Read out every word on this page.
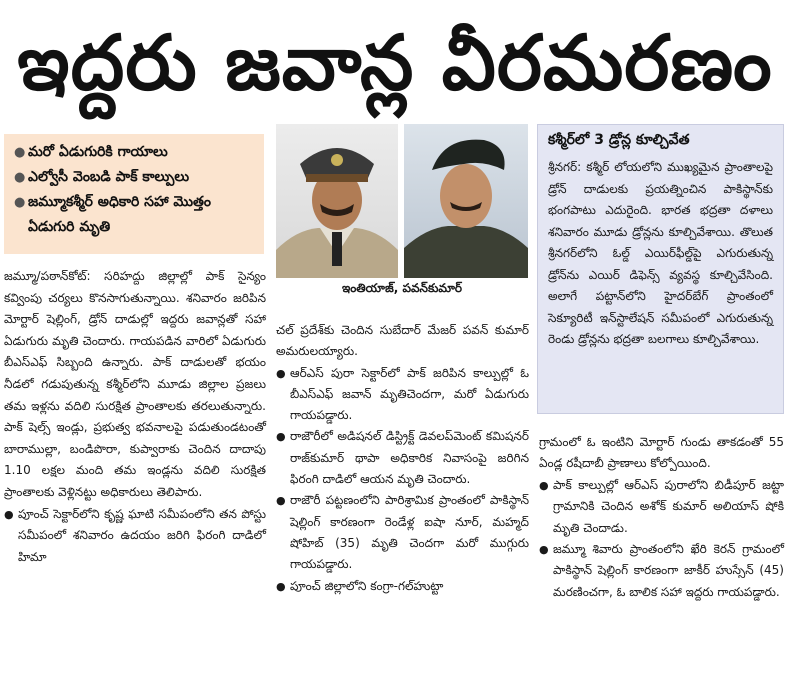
ఇద్దరు జవాన్ల వీరమరణం
● మరో ఏడుగురికి గాయాలు
● ఎల్వోసీ వెంబడి పాక్ కాల్పులు
● జమ్మూకశ్మీర్ అధికారి సహా మొత్తం ఏడుగురి మృతి
ఇంతియాజ్, పవన్‌కుమార్

కశ్మీర్‌లో 3 డ్రోన్ల కూల్చివేత

శ్రీనగర్: కశ్మీర్ లోయలోని ముఖ్యమైన ప్రాంతాలపై డ్రోన్ దాడులకు ప్రయత్నించిన పాకిస్థాన్‌కు భంగపాటు ఎదురైంది. భారత భద్రతా దళాలు శనివారం మూడు డ్రోన్లను కూల్చివేశాయి. తొలుత శ్రీనగర్‌లోని ఓల్డ్ ఎయిర్‌ఫీల్డ్‌పై ఎగురుతున్న డ్రోన్‌ను ఎయిర్ డిఫెన్స్ వ్యవస్థ కూల్చివేసింది. అలాగే పట్టాన్‌లోని హైదర్‌బేగ్ ప్రాంతంలో సెక్యూరిటీ ఇన్‌స్టాలేషన్ సమీపంలో ఎగురుతున్న రెండు డ్రోన్లను భద్రతా బలగాలు కూల్చివేశాయి.

జమ్మూ/పఠాన్‌కోట్: సరిహద్దు జిల్లాల్లో పాక్ సైన్యం కవ్వింపు చర్యలు కొనసాగుతున్నాయి. శనివారం జరిపిన మోర్టార్ షెల్లింగ్, డ్రోన్ దాడుల్లో ఇద్దరు జవాన్లతో సహా ఏడుగురు మృతి చెందారు. గాయపడిన వారిలో ఏడుగురు బీఎస్ఎఫ్ సిబ్బంది ఉన్నారు. పాక్ దాడులతో భయం నీడలో గడుపుతున్న కశ్మీర్‌లోని మూడు జిల్లాల ప్రజలు తమ ఇళ్లను వదిలి సురక్షిత ప్రాంతాలకు తరలుతున్నారు. పాక్ షెల్స్ ఇండ్లు, ప్రభుత్వ భవనాలపై పడుతుండటంతో బారాముల్లా, బండిపొరా, కుప్వారాకు చెందిన దాదాపు 1.10 లక్షల మంది తమ ఇండ్లను వదిలి సురక్షిత ప్రాంతాలకు వెళ్లినట్టు అధికారులు తెలిపారు.

● పూంచ్ సెక్టార్‌లోని కృష్ణ ఘాటి సమీపంలోని తన పోస్టు సమీపంలో శనివారం ఉదయం జరిగి ఫిరంగి దాడిలో హిమా

చల్ ప్రదేశ్‌కు చెందిన సుబేదార్ మేజర్ పవన్ కుమార్ అమరులయ్యారు.

● ఆర్ఎస్ పురా సెక్టార్‌లో పాక్ జరిపిన కాల్పుల్లో ఓ బీఎస్ఎఫ్ జవాన్ మృతిచెందగా, మరో ఏడుగురు గాయపడ్డారు.

● రాజౌరీలో అడిషనల్ డిస్ట్రిక్ట్ డెవలప్‌మెంట్ కమిషనర్ రాజ్‌కుమార్ థాపా అధికారిక నివాసంపై జరిగిన ఫిరంగి దాడిలో ఆయన మృతి చెందారు.

● రాజౌరీ పట్టణంలోని పారిశ్రామిక ప్రాంతంలో పాకిస్థాన్ షెల్లింగ్ కారణంగా రెండేళ్ల ఐషా నూర్, మహ్మద్ షోహిబ్ (35) మృతి చెందగా మరో ముగ్గురు గాయపడ్డారు.

● పూంచ్ జిల్లాలోని కంగ్రా-గల్‌హుట్టా

గ్రామంలో ఓ ఇంటిని మోర్టార్ గుండు తాకడంతో 55 ఏండ్ల రషీదాబీ ప్రాణాలు కోల్పోయింది.

● పాక్ కాల్పుల్లో ఆర్ఎస్ పురాలోని బిడీపూర్ జట్టా గ్రామానికి చెందిన అశోక్ కుమార్ అలియాస్ షోకి మృతి చెందాడు.

● జమ్మూ శివారు ప్రాంతంలోని ఖేరి కెరన్ గ్రామంలో పాకిస్థాన్ షెల్లింగ్ కారణంగా జాకీర్ హుస్సేన్ (45) మరణించగా, ఓ బాలిక సహా ఇద్దరు గాయపడ్డారు.
